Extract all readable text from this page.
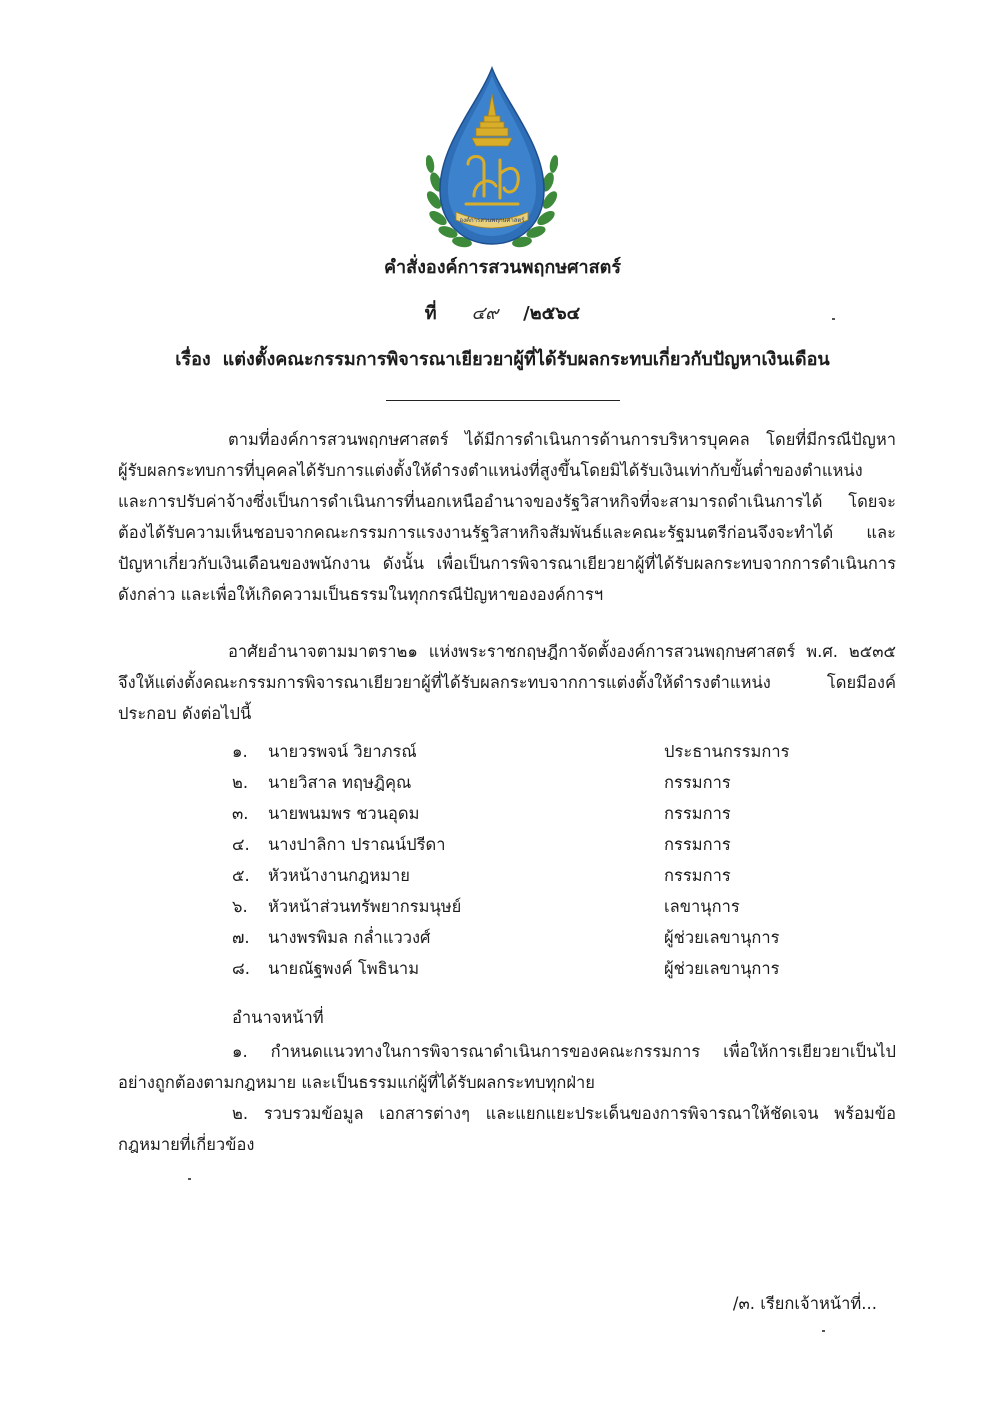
องค์การสวนพฤกษศาสตร์
คำสั่งองค์การสวนพฤกษศาสตร์
ที่ ๔๙ /๒๕๖๔
เรื่อง แต่งตั้งคณะกรรมการพิจารณาเยียวยาผู้ที่ได้รับผลกระทบเกี่ยวกับปัญหาเงินเดือน

ตามที่องค์การสวนพฤกษศาสตร์ ได้มีการดำเนินการด้านการบริหารบุคคล โดยที่มีกรณีปัญหาผู้รับผลกระทบการที่บุคคลได้รับการแต่งตั้งให้ดำรงตำแหน่งที่สูงขึ้นโดยมิได้รับเงินเท่ากับขั้นต่ำของตำแหน่ง และการปรับค่าจ้างซึ่งเป็นการดำเนินการที่นอกเหนืออำนาจของรัฐวิสาหกิจที่จะสามารถดำเนินการได้ โดยจะต้องได้รับความเห็นชอบจากคณะกรรมการแรงงานรัฐวิสาหกิจสัมพันธ์และคณะรัฐมนตรีก่อนจึงจะทำได้ และปัญหาเกี่ยวกับเงินเดือนของพนักงาน ดังนั้น เพื่อเป็นการพิจารณาเยียวยาผู้ที่ได้รับผลกระทบจากการดำเนินการดังกล่าว และเพื่อให้เกิดความเป็นธรรมในทุกกรณีปัญหาขององค์การฯ

อาศัยอำนาจตามมาตรา๒๑ แห่งพระราชกฤษฎีกาจัดตั้งองค์การสวนพฤกษศาสตร์ พ.ศ. ๒๕๓๕ จึงให้แต่งตั้งคณะกรรมการพิจารณาเยียวยาผู้ที่ได้รับผลกระทบจากการแต่งตั้งให้ดำรงตำแหน่ง โดยมีองค์ประกอบ ดังต่อไปนี้

๑. นายวรพจน์ วิยาภรณ์	ประธานกรรมการ
๒. นายวิสาล ทฤษฎิคุณ	กรรมการ
๓. นายพนมพร ชวนอุดม	กรรมการ
๔. นางปาลิกา ปราณน์ปรีดา	กรรมการ
๕. หัวหน้างานกฎหมาย	กรรมการ
๖. หัวหน้าส่วนทรัพยากรมนุษย์	เลขานุการ
๗. นางพรพิมล กล่ำแววงศ์	ผู้ช่วยเลขานุการ
๘. นายณัฐพงค์ โพธินาม	ผู้ช่วยเลขานุการ

อำนาจหน้าที่

๑. กำหนดแนวทางในการพิจารณาดำเนินการของคณะกรรมการ เพื่อให้การเยียวยาเป็นไปอย่างถูกต้องตามกฎหมาย และเป็นธรรมแก่ผู้ที่ได้รับผลกระทบทุกฝ่าย

๒. รวบรวมข้อมูล เอกสารต่างๆ และแยกแยะประเด็นของการพิจารณาให้ชัดเจน พร้อมข้อกฎหมายที่เกี่ยวข้อง

/๓. เรียกเจ้าหน้าที่...
